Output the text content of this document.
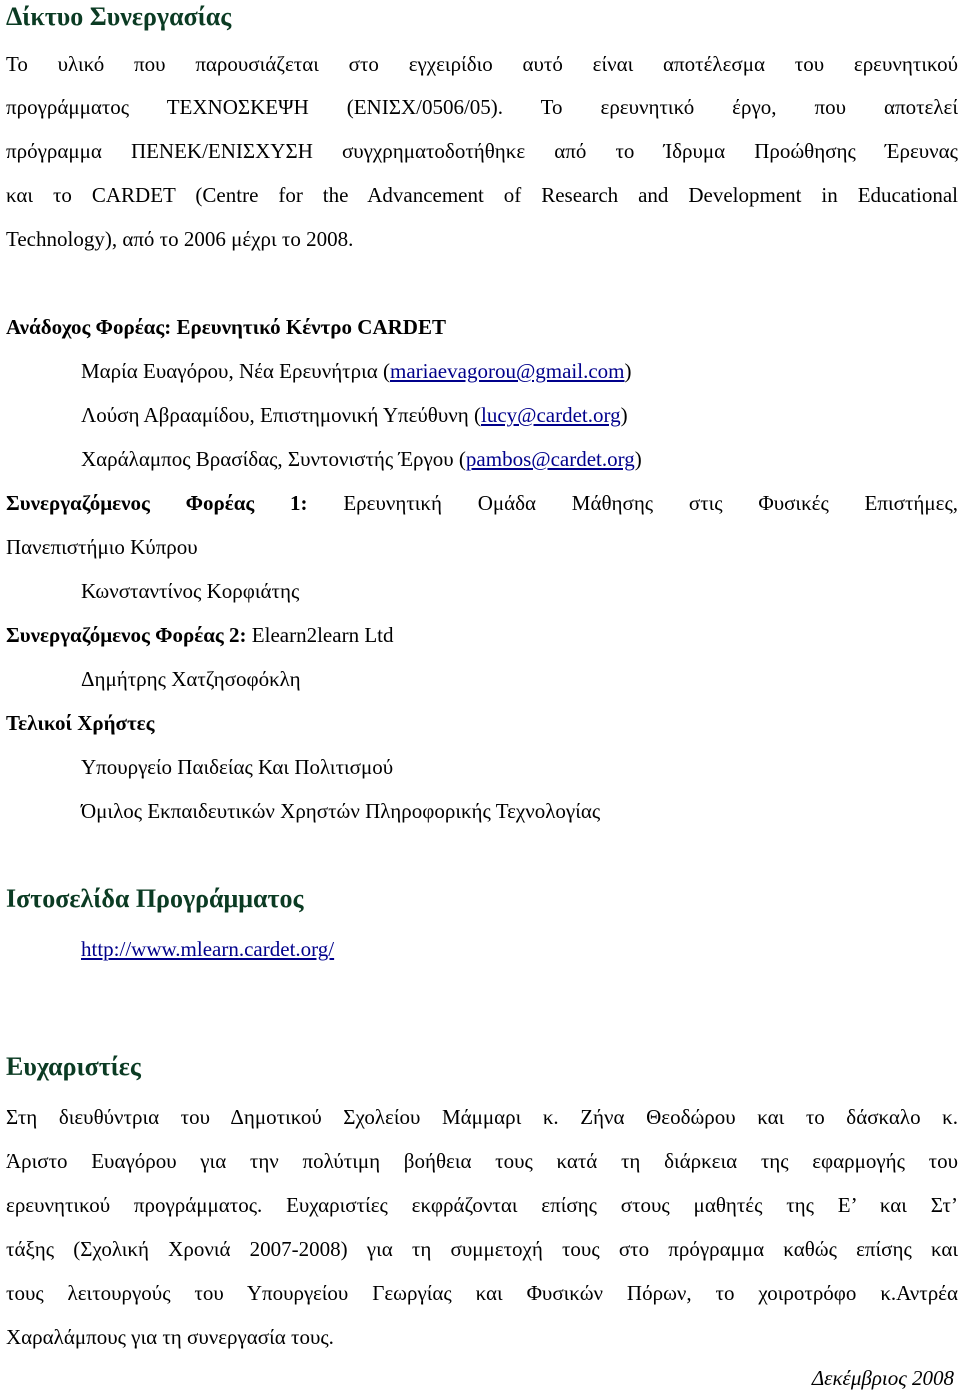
Δίκτυο Συνεργασίας

Το υλικό που παρουσιάζεται στο εγχειρίδιο αυτό είναι αποτέλεσμα του ερευνητικού

προγράμματος ΤΕΧΝΟΣΚΕΨΗ (ΕΝΙΣΧ/0506/05). Το ερευνητικό έργο, που αποτελεί

πρόγραμμα ΠΕΝΕΚ/ΕΝΙΣΧΥΣΗ συγχρηματοδοτήθηκε από το Ίδρυμα Προώθησης Έρευνας

και το CARDET (Centre for the Advancement of Research and Development in Educational

Technology), από το 2006 μέχρι το 2008.

Ανάδοχος Φορέας: Ερευνητικό Κέντρο CARDET

Μαρία Ευαγόρου, Νέα Ερευνήτρια (mariaevagorou@gmail.com)

Λούση Αβρααμίδου, Επιστημονική Υπεύθυνη (lucy@cardet.org)

Χαράλαμπος Βρασίδας, Συντονιστής Έργου (pambos@cardet.org)

Συνεργαζόμενος Φορέας 1: Ερευνητική Ομάδα Μάθησης στις Φυσικές Επιστήμες,

Πανεπιστήμιο Κύπρου

Κωνσταντίνος Κορφιάτης

Συνεργαζόμενος Φορέας 2: Elearn2learn Ltd

Δημήτρης Χατζησοφόκλη

Τελικοί Χρήστες

Υπουργείο Παιδείας Και Πολιτισμού

Όμιλος Εκπαιδευτικών Χρηστών Πληροφορικής Τεχνολογίας

Ιστοσελίδα Προγράμματος

http://www.mlearn.cardet.org/

Ευχαριστίες

Στη διευθύντρια του Δημοτικού Σχολείου Μάμμαρι κ. Ζήνα Θεοδώρου και το δάσκαλο κ.

Άριστο Ευαγόρου για την πολύτιμη βοήθεια τους κατά τη διάρκεια της εφαρμογής του

ερευνητικού προγράμματος. Ευχαριστίες εκφράζονται επίσης στους μαθητές της Ε’ και Στ’

τάξης (Σχολική Χρονιά 2007-2008) για τη συμμετοχή τους στο πρόγραμμα καθώς επίσης και

τους λειτουργούς του Υπουργείου Γεωργίας και Φυσικών Πόρων, το χοιροτρόφο κ.Αντρέα

Χαραλάμπους για τη συνεργασία τους.

Δεκέμβριος 2008
